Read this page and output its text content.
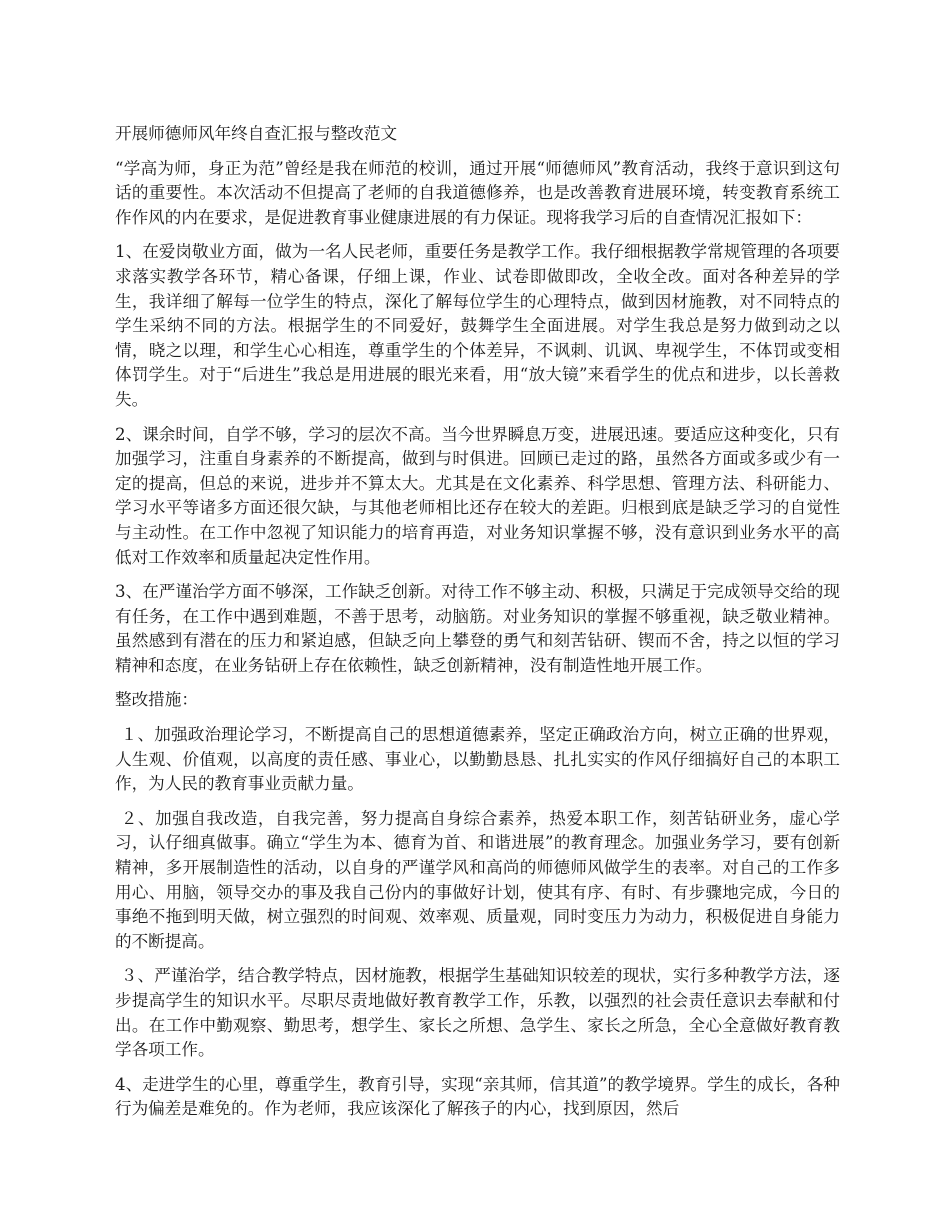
开展师德师风年终自查汇报与整改范文

“学高为师，身正为范”曾经是我在师范的校训，通过开展“师德师风”教育活动，我终于意识到这句话的重要性。本次活动不但提高了老师的自我道德修养，也是改善教育进展环境，转变教育系统工作作风的内在要求，是促进教育事业健康进展的有力保证。现将我学习后的自查情况汇报如下：

1、在爱岗敬业方面，做为一名人民老师，重要任务是教学工作。我仔细根据教学常规管理的各项要求落实教学各环节，精心备课，仔细上课，作业、试卷即做即改，全收全改。面对各种差异的学生，我详细了解每一位学生的特点，深化了解每位学生的心理特点，做到因材施教，对不同特点的学生采纳不同的方法。根据学生的不同爱好，鼓舞学生全面进展。对学生我总是努力做到动之以情，晓之以理，和学生心心相连，尊重学生的个体差异，不讽刺、讥讽、卑视学生，不体罚或变相体罚学生。对于“后进生”我总是用进展的眼光来看，用“放大镜”来看学生的优点和进步，以长善救失。

2、课余时间，自学不够，学习的层次不高。当今世界瞬息万变，进展迅速。要适应这种变化，只有加强学习，注重自身素养的不断提高，做到与时俱进。回顾已走过的路，虽然各方面或多或少有一定的提高，但总的来说，进步并不算太大。尤其是在文化素养、科学思想、管理方法、科研能力、学习水平等诸多方面还很欠缺，与其他老师相比还存在较大的差距。归根到底是缺乏学习的自觉性与主动性。在工作中忽视了知识能力的培育再造，对业务知识掌握不够，没有意识到业务水平的高低对工作效率和质量起决定性作用。

3、在严谨治学方面不够深，工作缺乏创新。对待工作不够主动、积极，只满足于完成领导交给的现有任务，在工作中遇到难题，不善于思考，动脑筋。对业务知识的掌握不够重视，缺乏敬业精神。虽然感到有潜在的压力和紧迫感，但缺乏向上攀登的勇气和刻苦钻研、锲而不舍，持之以恒的学习精神和态度，在业务钻研上存在依赖性，缺乏创新精神，没有制造性地开展工作。

整改措施：

１、加强政治理论学习，不断提高自己的思想道德素养，坚定正确政治方向，树立正确的世界观，人生观、价值观，以高度的责任感、事业心，以勤勤恳恳、扎扎实实的作风仔细搞好自己的本职工作，为人民的教育事业贡献力量。

２、加强自我改造，自我完善，努力提高自身综合素养，热爱本职工作，刻苦钻研业务，虚心学习，认仔细真做事。确立“学生为本、德育为首、和谐进展”的教育理念。加强业务学习，要有创新精神，多开展制造性的活动，以自身的严谨学风和高尚的师德师风做学生的表率。对自己的工作多用心、用脑，领导交办的事及我自己份内的事做好计划，使其有序、有时、有步骤地完成，今日的事绝不拖到明天做，树立强烈的时间观、效率观、质量观，同时变压力为动力，积极促进自身能力的不断提高。

３、严谨治学，结合教学特点，因材施教，根据学生基础知识较差的现状，实行多种教学方法，逐步提高学生的知识水平。尽职尽责地做好教育教学工作，乐教，以强烈的社会责任意识去奉献和付出。在工作中勤观察、勤思考，想学生、家长之所想、急学生、家长之所急，全心全意做好教育教学各项工作。

4、走进学生的心里，尊重学生，教育引导，实现“亲其师，信其道”的教学境界。学生的成长，各种行为偏差是难免的。作为老师，我应该深化了解孩子的内心，找到原因，然后
